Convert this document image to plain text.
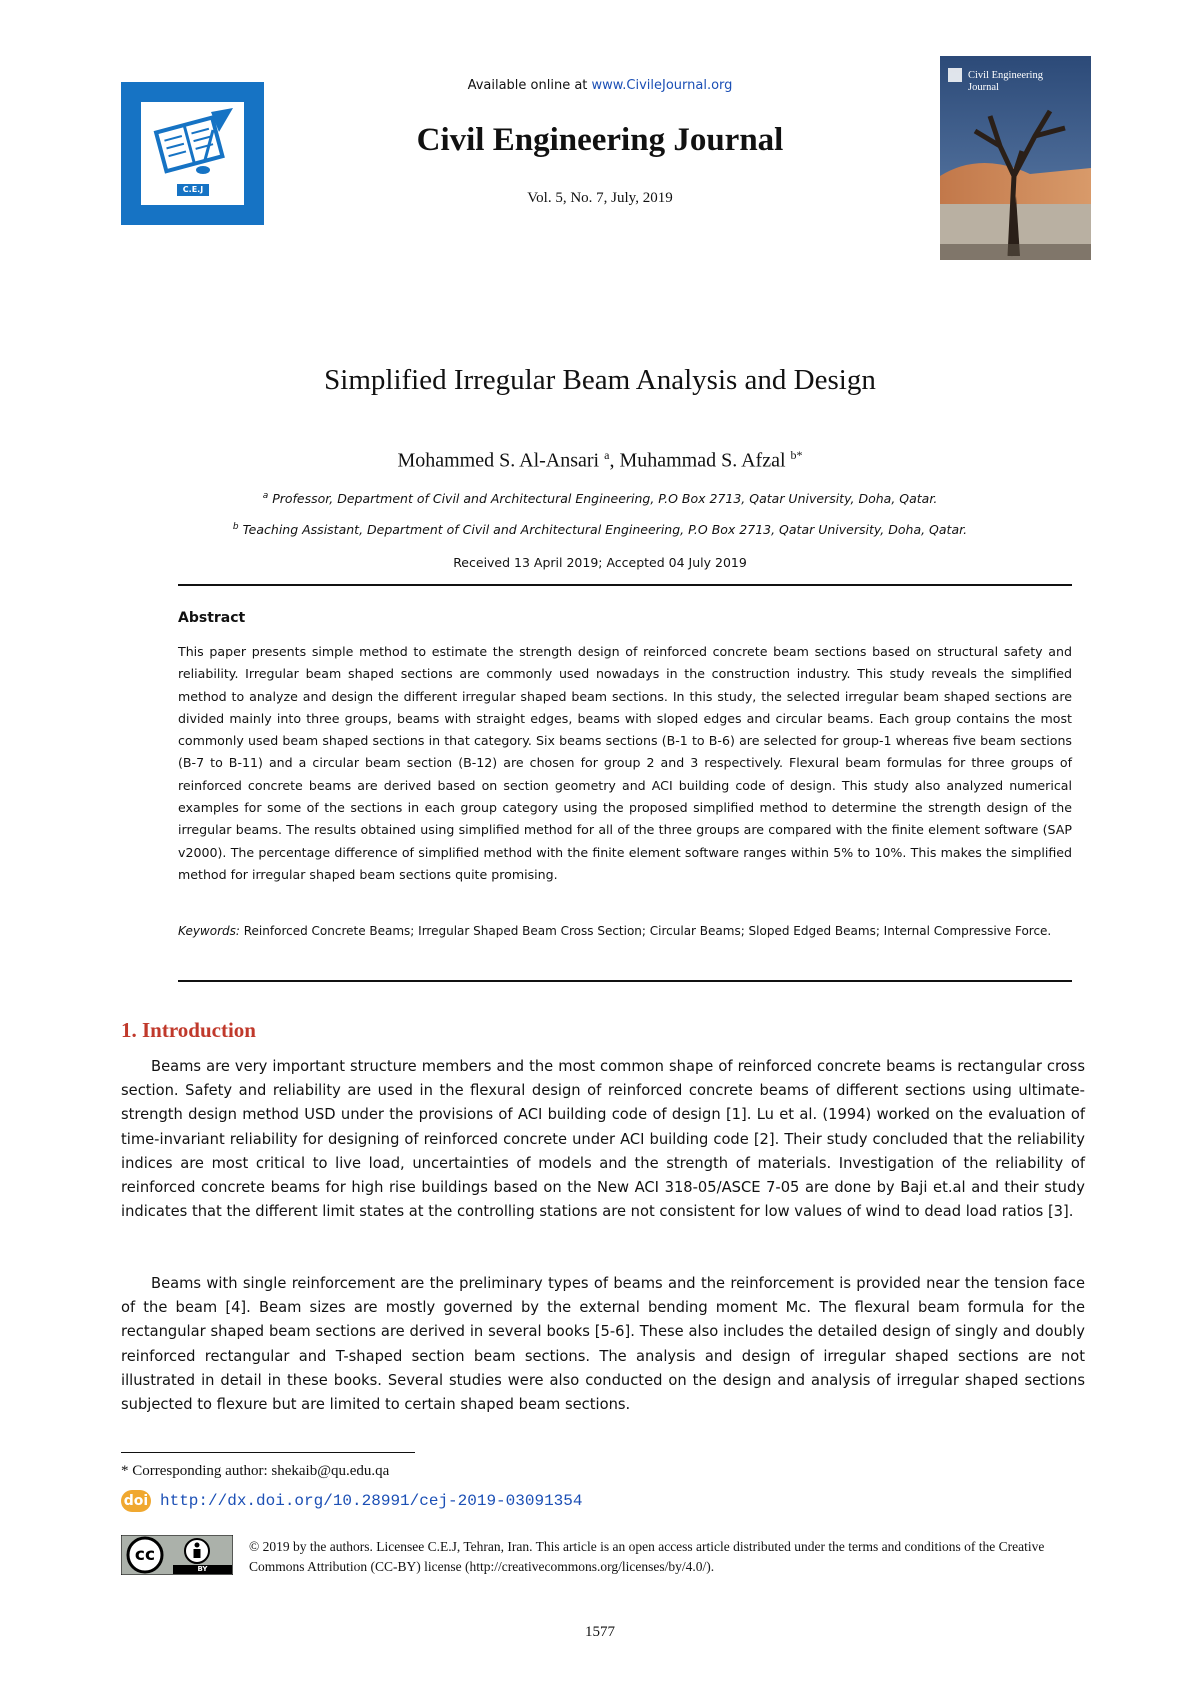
C.E.J
Available online at www.CivileJournal.org
Civil Engineering Journal
Vol. 5, No. 7, July, 2019
Civil Engineering
Journal
Simplified Irregular Beam Analysis and Design
Mohammed S. Al-Ansari $^a$, Muhammad S. Afzal $^{b*}$
$^a$ Professor, Department of Civil and Architectural Engineering, P.O Box 2713, Qatar University, Doha, Qatar.
$^b$ Teaching Assistant, Department of Civil and Architectural Engineering, P.O Box 2713, Qatar University, Doha, Qatar.
Received 13 April 2019; Accepted 04 July 2019
Abstract
This paper presents simple method to estimate the strength design of reinforced concrete beam sections based on structural safety and reliability. Irregular beam shaped sections are commonly used nowadays in the construction industry. This study reveals the simplified method to analyze and design the different irregular shaped beam sections. In this study, the selected irregular beam shaped sections are divided mainly into three groups, beams with straight edges, beams with sloped edges and circular beams. Each group contains the most commonly used beam shaped sections in that category. Six beams sections (B-1 to B-6) are selected for group-1 whereas five beam sections (B-7 to B-11) and a circular beam section (B-12) are chosen for group 2 and 3 respectively. Flexural beam formulas for three groups of reinforced concrete beams are derived based on section geometry and ACI building code of design. This study also analyzed numerical examples for some of the sections in each group category using the proposed simplified method to determine the strength design of the irregular beams. The results obtained using simplified method for all of the three groups are compared with the finite element software (SAP v2000). The percentage difference of simplified method with the finite element software ranges within 5% to 10%. This makes the simplified method for irregular shaped beam sections quite promising.
Keywords: Reinforced Concrete Beams; Irregular Shaped Beam Cross Section; Circular Beams; Sloped Edged Beams; Internal Compressive Force.
1. Introduction

Beams are very important structure members and the most common shape of reinforced concrete beams is rectangular cross section. Safety and reliability are used in the flexural design of reinforced concrete beams of different sections using ultimate-strength design method USD under the provisions of ACI building code of design [1]. Lu et al. (1994) worked on the evaluation of time-invariant reliability for designing of reinforced concrete under ACI building code [2]. Their study concluded that the reliability indices are most critical to live load, uncertainties of models and the strength of materials. Investigation of the reliability of reinforced concrete beams for high rise buildings based on the New ACI 318-05/ASCE 7-05 are done by Baji et.al and their study indicates that the different limit states at the controlling stations are not consistent for low values of wind to dead load ratios [3].

Beams with single reinforcement are the preliminary types of beams and the reinforcement is provided near the tension face of the beam [4]. Beam sizes are mostly governed by the external bending moment Mc. The flexural beam formula for the rectangular shaped beam sections are derived in several books [5-6]. These also includes the detailed design of singly and doubly reinforced rectangular and T-shaped section beam sections. The analysis and design of irregular shaped sections are not illustrated in detail in these books. Several studies were also conducted on the design and analysis of irregular shaped sections subjected to flexure but are limited to certain shaped beam sections.

* Corresponding author: shekaib@qu.edu.qa
doi http://dx.doi.org/10.28991/cej-2019-03091354
cc
BY
© 2019 by the authors. Licensee C.E.J, Tehran, Iran. This article is an open access article distributed under the terms and conditions of the Creative Commons Attribution (CC-BY) license (http://creativecommons.org/licenses/by/4.0/).
1577
